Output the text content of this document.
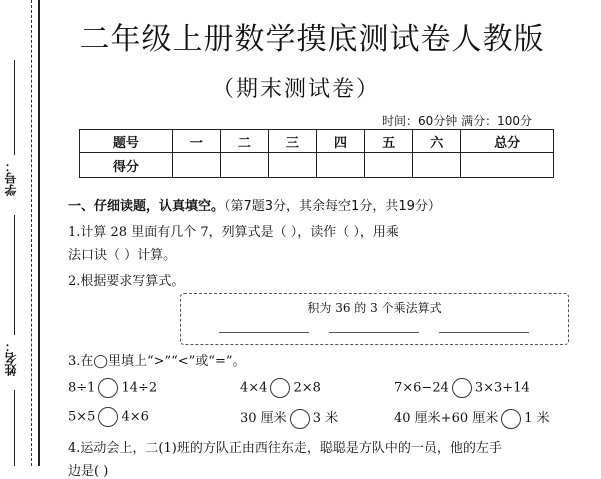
学号：
姓名：
二年级上册数学摸底测试卷人教版
（期末测试卷）
时间：60分钟 满分：100分
题号	一	二	三	四	五	六	总分
得分							
一、仔细读题，认真填空。（第7题3分，其余每空1分，共19分）
1.计算 28 里面有几个 7，列算式是（ ），读作（ ），用乘
法口诀（ ）计算。
2.根据要求写算式。
积为 36 的 3 个乘法算式
3.在◯里填上“>”“<”或“=”。
8÷1 14÷2	4×4 2×8	7×6−24 3×3+14
5×5 4×6	30 厘米 3 米	40 厘米+60 厘米 1 米
4.运动会上，二(1)班的方队正由西往东走，聪聪是方队中的一员，他的左手
边是( )
